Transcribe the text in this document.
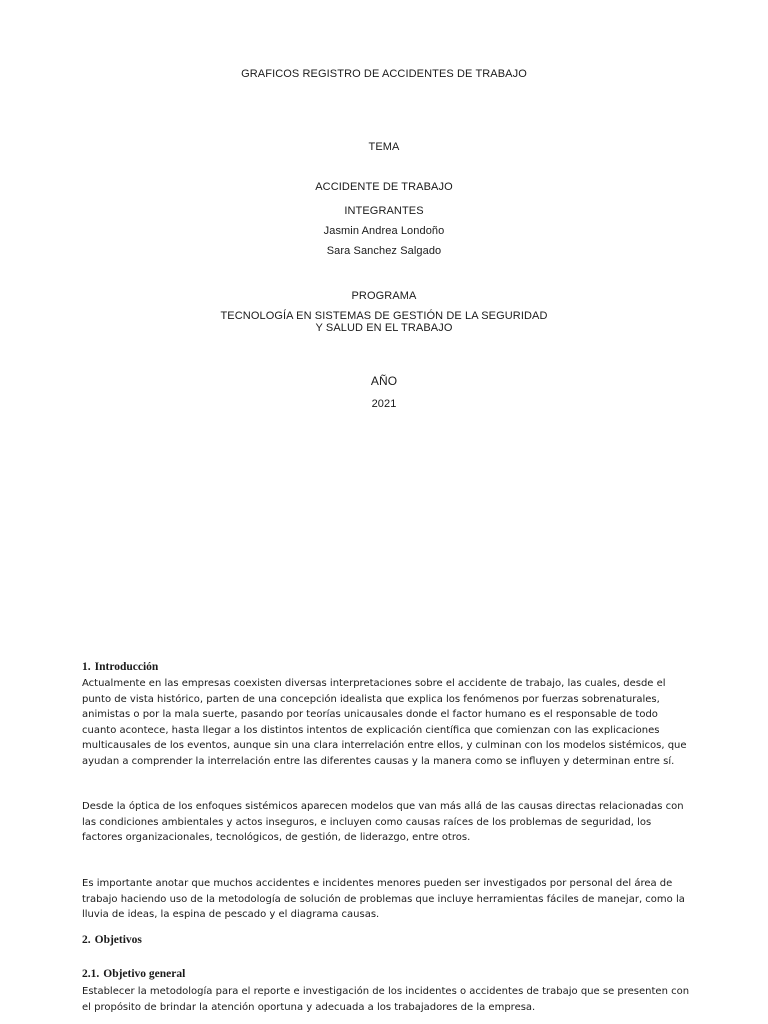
GRAFICOS REGISTRO DE ACCIDENTES DE TRABAJO
TEMA
ACCIDENTE DE TRABAJO
INTEGRANTES
Jasmin Andrea Londoño
Sara Sanchez Salgado
PROGRAMA
TECNOLOGÍA EN SISTEMAS DE GESTIÓN DE LA SEGURIDAD
Y SALUD EN EL TRABAJO
AÑO
2021
1. Introducción
Actualmente en las empresas coexisten diversas interpretaciones sobre el accidente de trabajo, las cuales, desde el punto de vista histórico, parten de una concepción idealista que explica los fenómenos por fuerzas sobrenaturales, animistas o por la mala suerte, pasando por teorías unicausales donde el factor humano es el responsable de todo cuanto acontece, hasta llegar a los distintos intentos de explicación científica que comienzan con las explicaciones multicausales de los eventos, aunque sin una clara interrelación entre ellos, y culminan con los modelos sistémicos, que ayudan a comprender la interrelación entre las diferentes causas y la manera como se influyen y determinan entre sí.
Desde la óptica de los enfoques sistémicos aparecen modelos que van más allá de las causas directas relacionadas con las condiciones ambientales y actos inseguros, e incluyen como causas raíces de los problemas de seguridad, los factores organizacionales, tecnológicos, de gestión, de liderazgo, entre otros.
Es importante anotar que muchos accidentes e incidentes menores pueden ser investigados por personal del área de trabajo haciendo uso de la metodología de solución de problemas que incluye herramientas fáciles de manejar, como la lluvia de ideas, la espina de pescado y el diagrama causas.
2. Objetivos
2.1. Objetivo general
Establecer la metodología para el reporte e investigación de los incidentes o accidentes de trabajo que se presenten con el propósito de brindar la atención oportuna y adecuada a los trabajadores de la empresa.
